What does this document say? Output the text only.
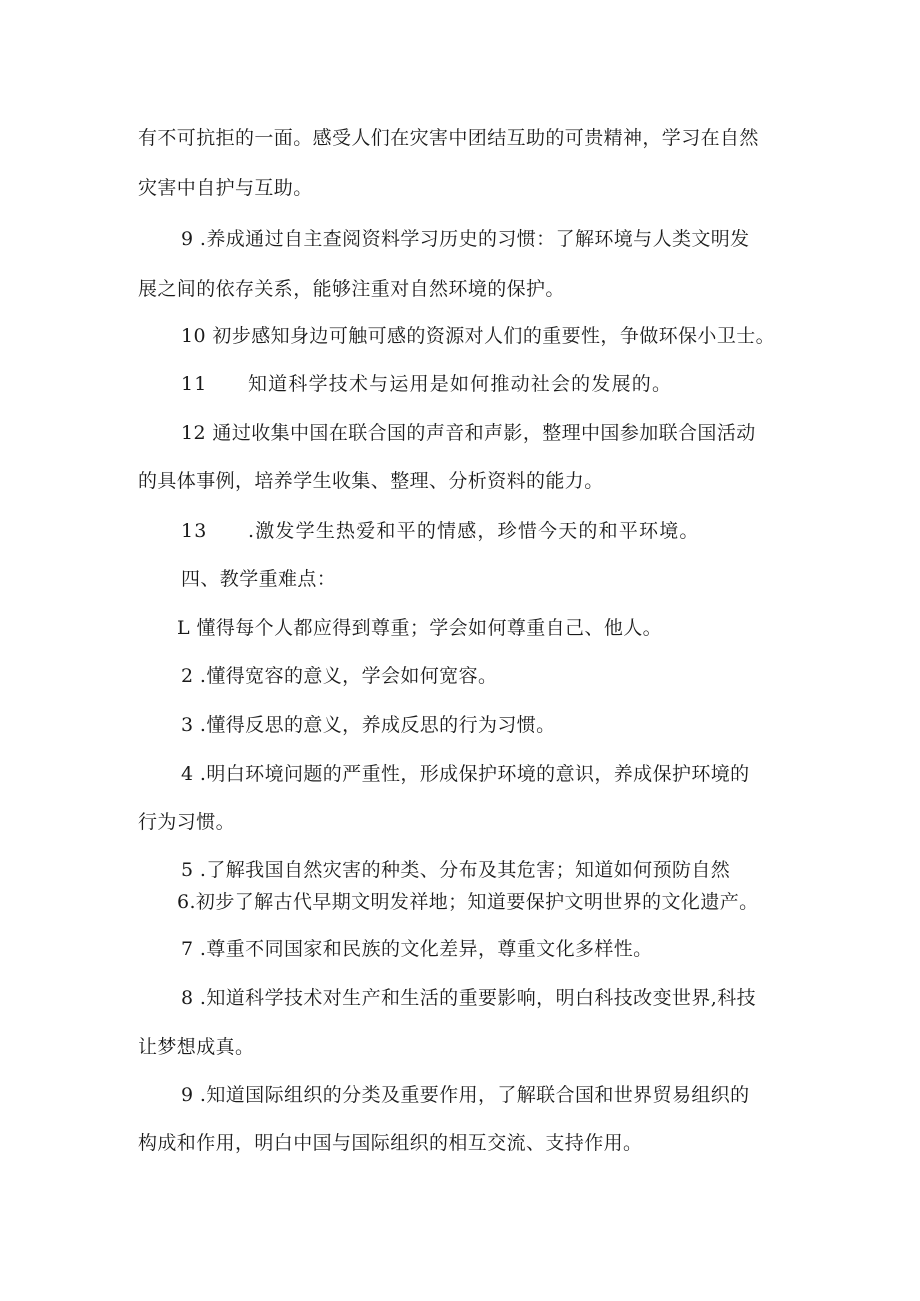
有不可抗拒的一面。感受人们在灾害中团结互助的可贵精神，学习在自然
灾害中自护与互助。
9 .养成通过自主查阅资料学习历史的习惯：了解环境与人类文明发
展之间的依存关系，能够注重对自然环境的保护。
10 初步感知身边可触可感的资源对人们的重要性，争做环保小卫士。
11　　知道科学技术与运用是如何推动社会的发展的。
12 通过收集中国在联合国的声音和声影，整理中国参加联合国活动
的具体事例，培养学生收集、整理、分析资料的能力。
13　　.激发学生热爱和平的情感，珍惜今天的和平环境。
四、教学重难点：
L 懂得每个人都应得到尊重；学会如何尊重自己、他人。
2 .懂得宽容的意义，学会如何宽容。
3 .懂得反思的意义，养成反思的行为习惯。
4 .明白环境问题的严重性，形成保护环境的意识，养成保护环境的
行为习惯。
5 .了解我国自然灾害的种类、分布及其危害；知道如何预防自然
6.初步了解古代早期文明发祥地；知道要保护文明世界的文化遗产。
7 .尊重不同国家和民族的文化差异，尊重文化多样性。
8 .知道科学技术对生产和生活的重要影响，明白科技改变世界,科技
让梦想成真。
9 .知道国际组织的分类及重要作用，了解联合国和世界贸易组织的
构成和作用，明白中国与国际组织的相互交流、支持作用。
